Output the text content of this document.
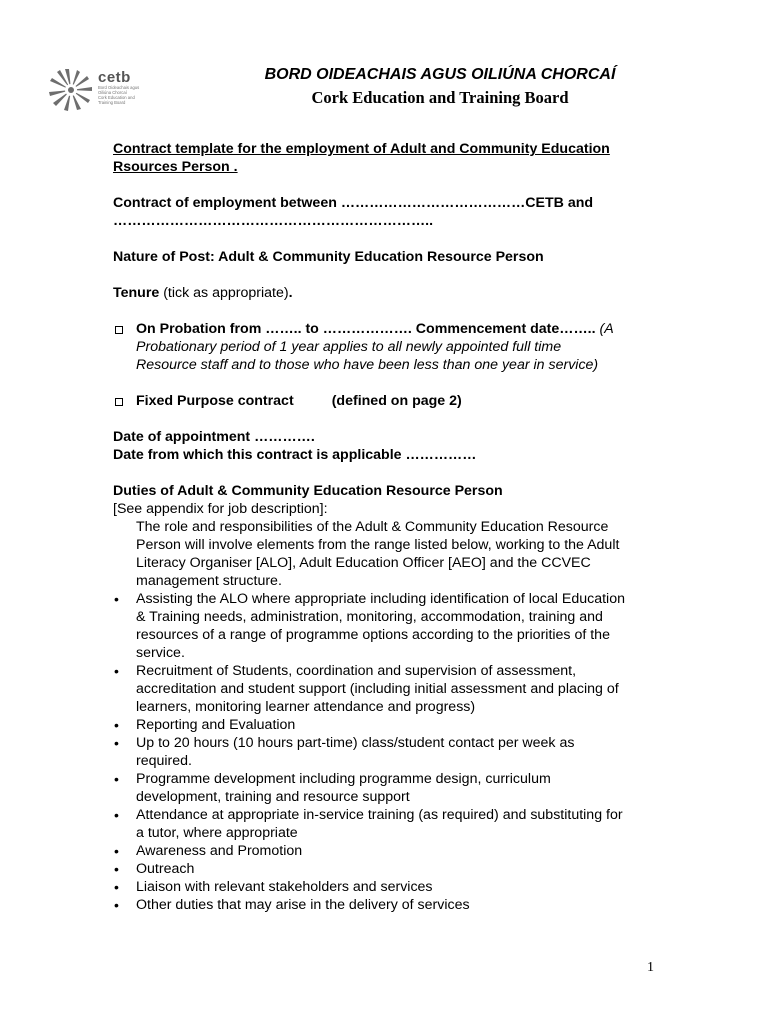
cetb
Bord Oideachais agus
Oiliúna Chorcaí
Cork Education and
Training Board
BORD OIDEACHAIS AGUS OILIÚNA CHORCAÍ
Cork Education and Training Board
Contract template for the employment of Adult and Community Education
Rsources Person .
Contract of employment between …………………………………CETB and
…………………………………………………………..
Nature of Post: Adult & Community Education Resource Person
Tenure (tick as appropriate).
On Probation from …….. to ………………. Commencement date…….. (A
Probationary period of 1 year applies to all newly appointed full time
Resource staff and to those who have been less than one year in service)
Fixed Purpose contract	(defined on page 2)
Date of appointment ………….
Date from which this contract is applicable ……………
Duties of Adult & Community Education Resource Person
[See appendix for job description]:
The role and responsibilities of the Adult & Community Education Resource
Person will involve elements from the range listed below, working to the Adult
Literacy Organiser [ALO], Adult Education Officer [AEO] and the CCVEC
management structure.
• Assisting the ALO where appropriate including identification of local Education
& Training needs, administration, monitoring, accommodation, training and
resources of a range of programme options according to the priorities of the
service.
• Recruitment of Students, coordination and supervision of assessment,
accreditation and student support (including initial assessment and placing of
learners, monitoring learner attendance and progress)
• Reporting and Evaluation
• Up to 20 hours (10 hours part-time) class/student contact per week as
required.
• Programme development including programme design, curriculum
development, training and resource support
• Attendance at appropriate in-service training (as required) and substituting for
a tutor, where appropriate
• Awareness and Promotion
• Outreach
• Liaison with relevant stakeholders and services
• Other duties that may arise in the delivery of services
1
